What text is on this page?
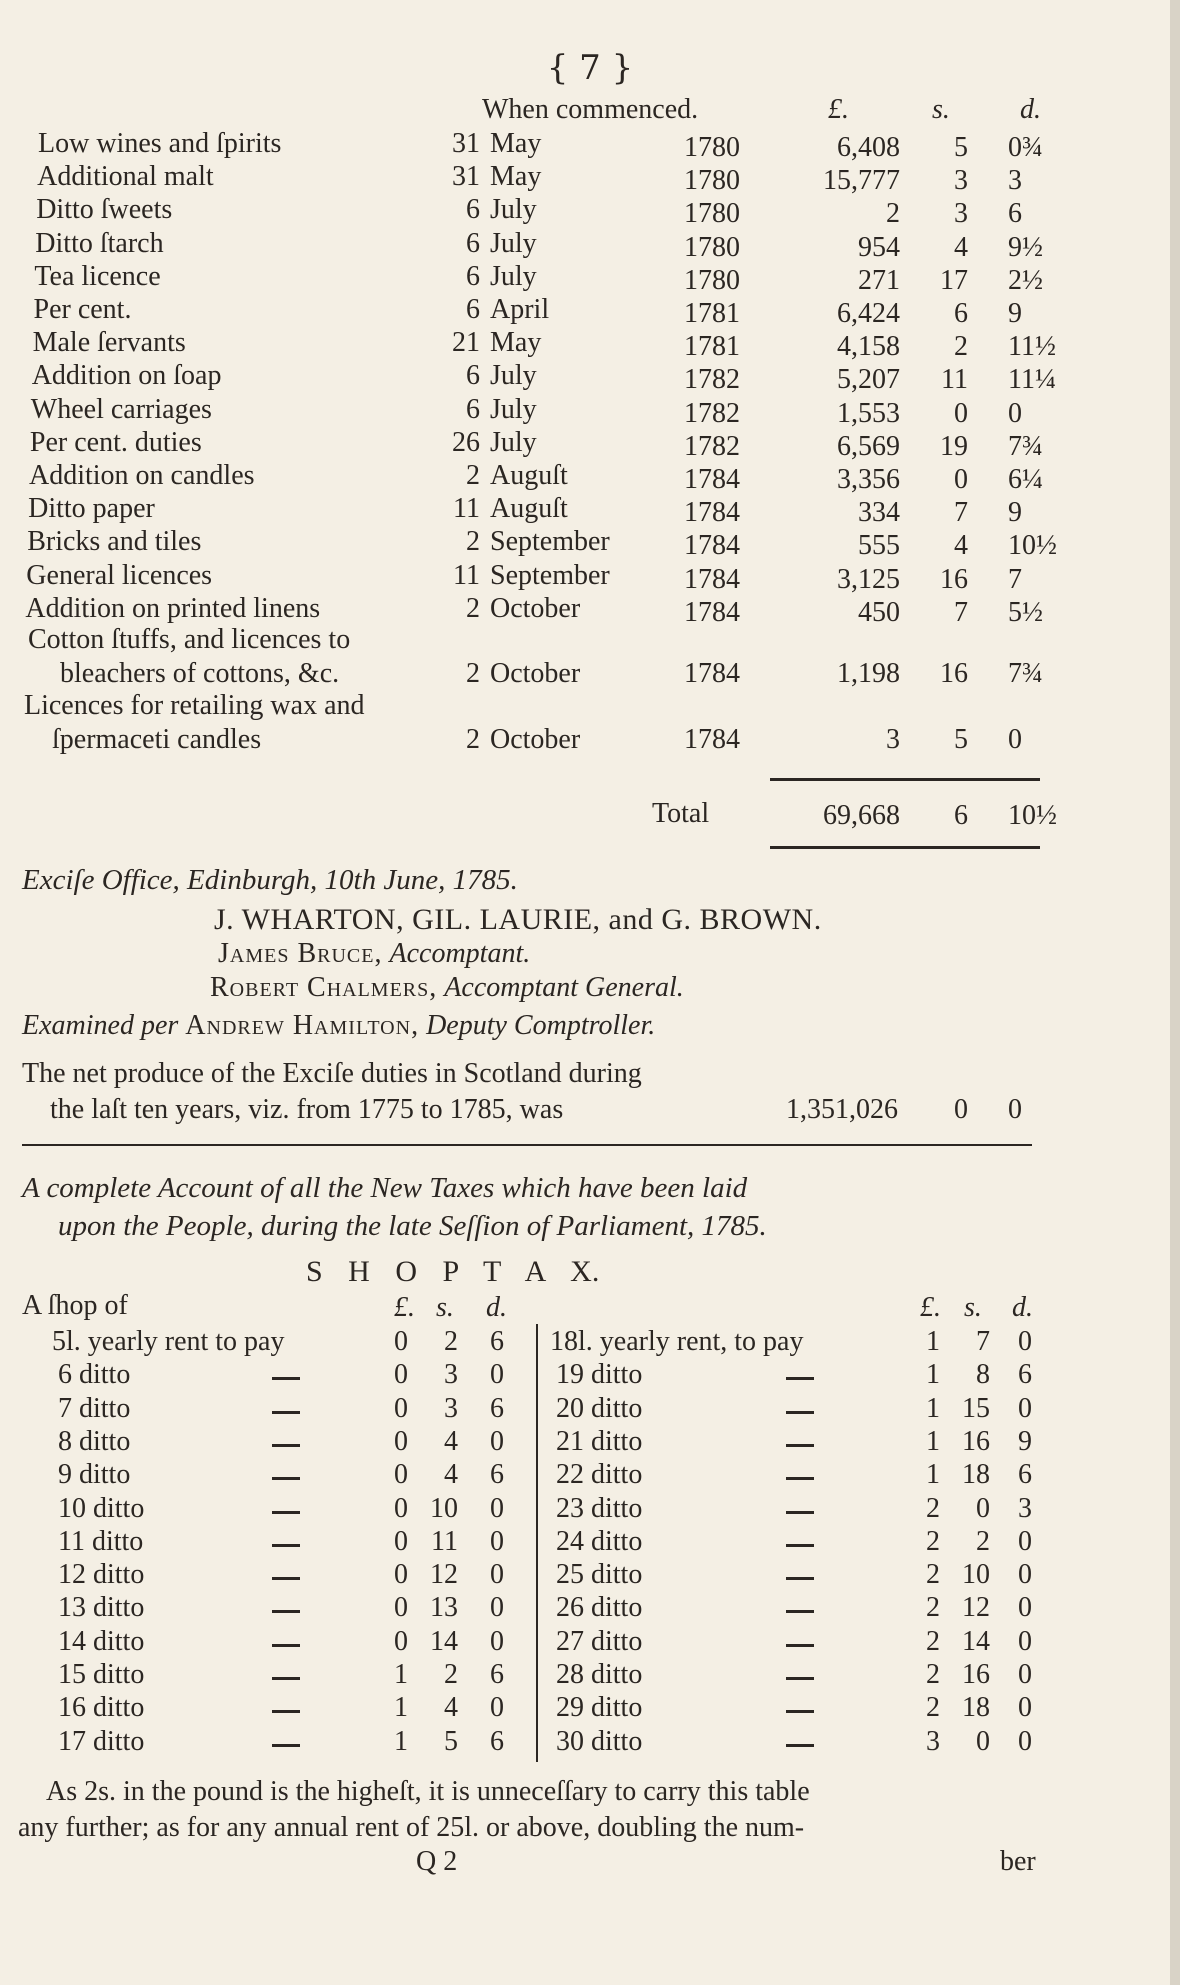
{ 7 }
When commenced.	£.	s.	d.
Low wines and ſpirits	31 May	1780	6,408	5 0¾
Additional malt	31 May	1780	15,777	3 3
Ditto ſweets	6 July	1780	2	3 6
Ditto ſtarch	6 July	1780	954	4 9½
Tea licence	6 July	1780	271	17 2½
Per cent.	6 April	1781	6,424	6 9
Male ſervants	21 May	1781	4,158	2 11½
Addition on ſoap	6 July	1782	5,207	11 11¼
Wheel carriages	6 July	1782	1,553	0 0
Per cent. duties	26 July	1782	6,569	19 7¾
Addition on candles	2 Auguſt	1784	3,356	0 6¼
Ditto paper	11 Auguſt	1784	334	7 9
Bricks and tiles	2 September	1784	555	4 10½
General licences	11 September	1784	3,125	16 7
Addition on printed linens	2 October	1784	450	7 5½
Cotton ſtuffs, and licences to
bleachers of cottons, &c.	2 October	1784	1,198	16 7¾
Licences for retailing wax and
ſpermaceti candles	2 October	1784	3	5 0
Total	69,668	6 10½
Exciſe Office, Edinburgh, 10th June, 1785.
J. WHARTON, GIL. LAURIE, and G. BROWN.
James Bruce, Accomptant.
Robert Chalmers, Accomptant General.
Examined per Andrew Hamilton, Deputy Comptroller.
The net produce of the Exciſe duties in Scotland during
the laſt ten years, viz. from 1775 to 1785, was	1,351,026	0 0
A complete Account of all the New Taxes which have been laid
upon the People, during the late Seſſion of Parliament, 1785.
S H O P T A X.
A ſhop of	£. s. d.	£. s. d.
5l. yearly rent to pay	0	2	6
6 ditto	0	3	0
7 ditto	0	3	6
8 ditto	0	4	0
9 ditto	0	4	6
10 ditto	0 10	0
11 ditto	0 11	0
12 ditto	0 12	0
13 ditto	0 13	0
14 ditto	0 14	0
15 ditto	1	2	6
16 ditto	1	4	0
17 ditto	1	5	6
18l. yearly rent, to pay	1	7	0
19 ditto	1	8	6
20 ditto	1 15	0
21 ditto	1 16	9
22 ditto	1 18	6
23 ditto	2	0	3
24 ditto	2	2	0
25 ditto	2 10	0
26 ditto	2 12	0
27 ditto	2 14	0
28 ditto	2 16	0
29 ditto	2 18	0
30 ditto	3	0	0
As 2s. in the pound is the higheſt, it is unneceſſary to carry this table
any further; as for any annual rent of 25l. or above, doubling the num-
Q 2	ber
